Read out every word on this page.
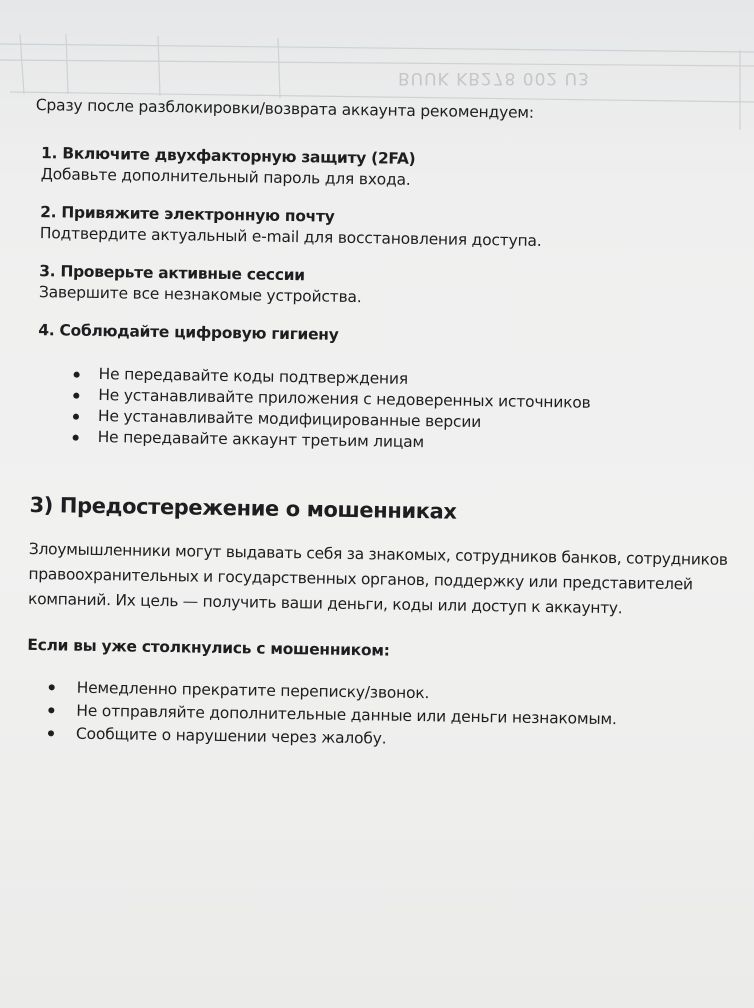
BUUK KB278 002 U3

Сразу после разблокировки/возврата аккаунта рекомендуем:

1. Включите двухфакторную защиту (2FA)

Добавьте дополнительный пароль для входа.

2. Привяжите электронную почту

Подтвердите актуальный e-mail для восстановления доступа.

3. Проверьте активные сессии

Завершите все незнакомые устройства.

4. Соблюдайте цифровую гигиену

Не передавайте коды подтверждения
Не устанавливайте приложения с недоверенных источников
Не устанавливайте модифицированные версии
Не передавайте аккаунт третьим лицам
3) Предостережение о мошенниках

Злоумышленники могут выдавать себя за знакомых, сотрудников банков, сотрудников правоохранительных и государственных органов, поддержку или представителей компаний. Их цель — получить ваши деньги, коды или доступ к аккаунту.

Если вы уже столкнулись с мошенником:

Немедленно прекратите переписку/звонок.
Не отправляйте дополнительные данные или деньги незнакомым.
Сообщите о нарушении через жалобу.
